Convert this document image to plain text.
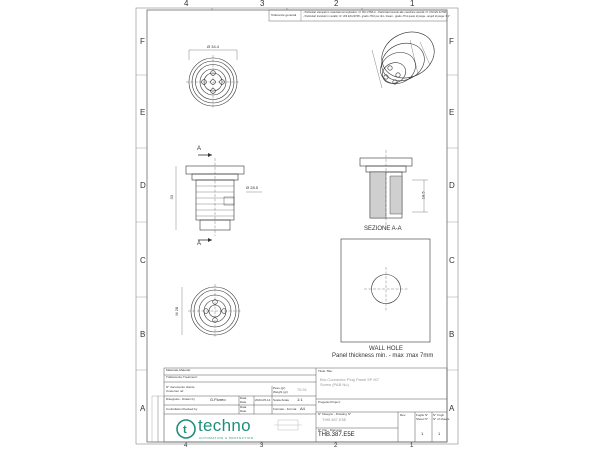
t
4	3	2	1
F
E
D
C
B
A
F
E
D
C
B
A
Tolleranze generali
- Particolari stampati in materiale termoplastico: rif. ISO 2768-m - Particolari lavorati alle macchine utensili: rif. UNI EN 22768
- Particolari tranciati in metallo: rif. UNI EN 22768 - grado JT10 per dim. lineari - grado JT11 quote di piega - angoli di piega: ± 1°
Ø 34.4
Ø 28.5
33	18.5
M 28
A
A
SEZIONE A-A
WALL HOLE
Panel thickness min. - max :max 7mm
Materiale-Material:
Trattamento-Treatment:
N° documento cliente
Customer ref
Peso (gr)
Weight (gr) 75.91
Disegnato - Drawn by	G.Floreo	Data
Date	2023-05-12 Scala-Scale 1:1
Controllato-Checked by	Data
Date	Formato - Format A4
Titolo-Title:
Bm-Connector Plug Panel 5P 90°
Screw (PAB Nu)
Progetto-Project:
N° Disegno - Drawing N°
THB.387.E5E
N° File - Filename
THB.387.E5E
Rev.	Foglio N°
Sheet N°
1
N° Fogli
N° of sheets
1
techno
AUTOMATION & PROTECTION
4	3	2	1
